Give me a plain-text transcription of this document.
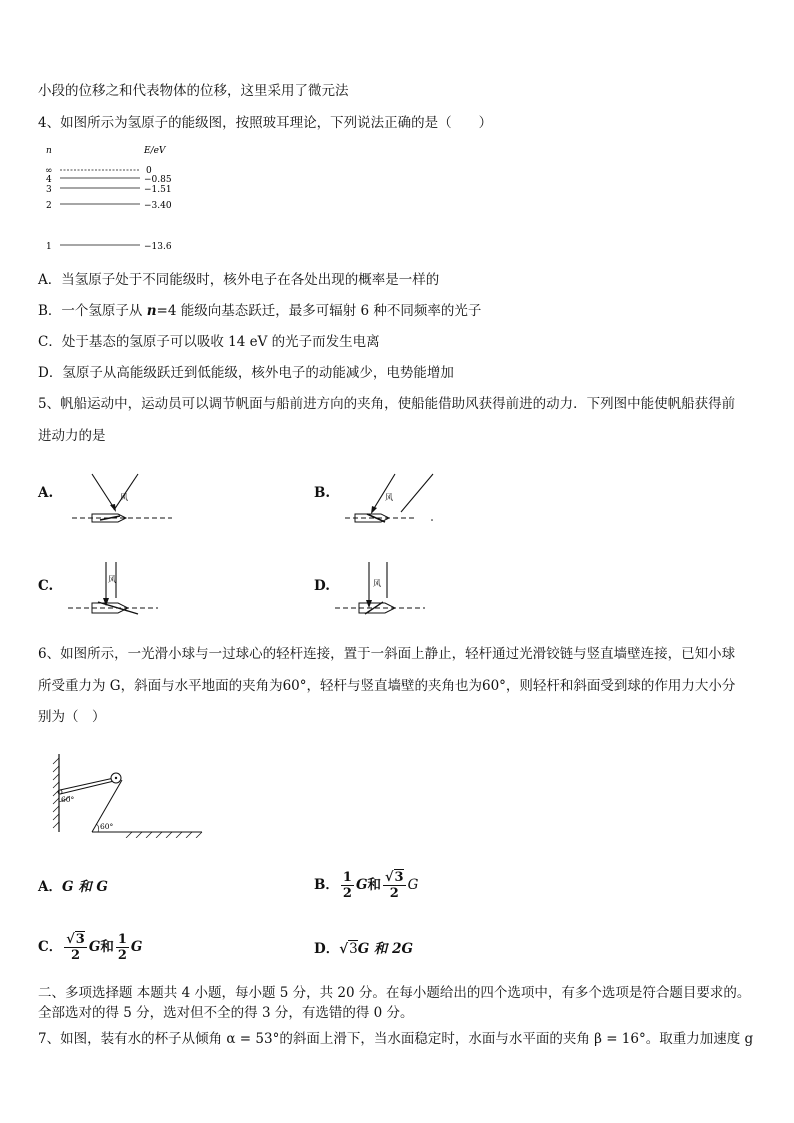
小段的位移之和代表物体的位移，这里采用了微元法
4、如图所示为氢原子的能级图，按照玻耳理论，下列说法正确的是（　　）
n	E/eV
∞	0
4	−0.85
3	−1.51
2	−3.40
1	−13.6
A．当氢原子处于不同能级时，核外电子在各处出现的概率是一样的
B．一个氢原子从 n=4 能级向基态跃迁，最多可辐射 6 种不同频率的光子
C．处于基态的氢原子可以吸收 14 eV 的光子而发生电离
D．氢原子从高能级跃迁到低能级，核外电子的动能减少，电势能增加
5、帆船运动中，运动员可以调节帆面与船前进方向的夹角，使船能借助风获得前进的动力．下列图中能使帆船获得前
进动力的是
A.	风	B.	风
C.	风	D.	风
6、如图所示，一光滑小球与一过球心的轻杆连接，置于一斜面上静止，轻杆通过光滑铰链与竖直墙壁连接，已知小球
所受重力为 G，斜面与水平地面的夹角为60°，轻杆与竖直墙壁的夹角也为60°，则轻杆和斜面受到球的作用力大小分
别为（　）
60°
60°
A．G 和 G	B． $\frac{1}{2}$ G和 $\frac{√3}{2}$ G
C． $\frac{√3}{2}$ G和 $\frac{1}{2}$ G	D．√3G 和 2G
二、多项选择题 本题共 4 小题，每小题 5 分，共 20 分。在每小题给出的四个选项中，有多个选项是符合题目要求的。
全部选对的得 5 分，选对但不全的得 3 分，有选错的得 0 分。
7、如图，装有水的杯子从倾角 α = 53°的斜面上滑下，当水面稳定时，水面与水平面的夹角 β = 16°。取重力加速度 g
